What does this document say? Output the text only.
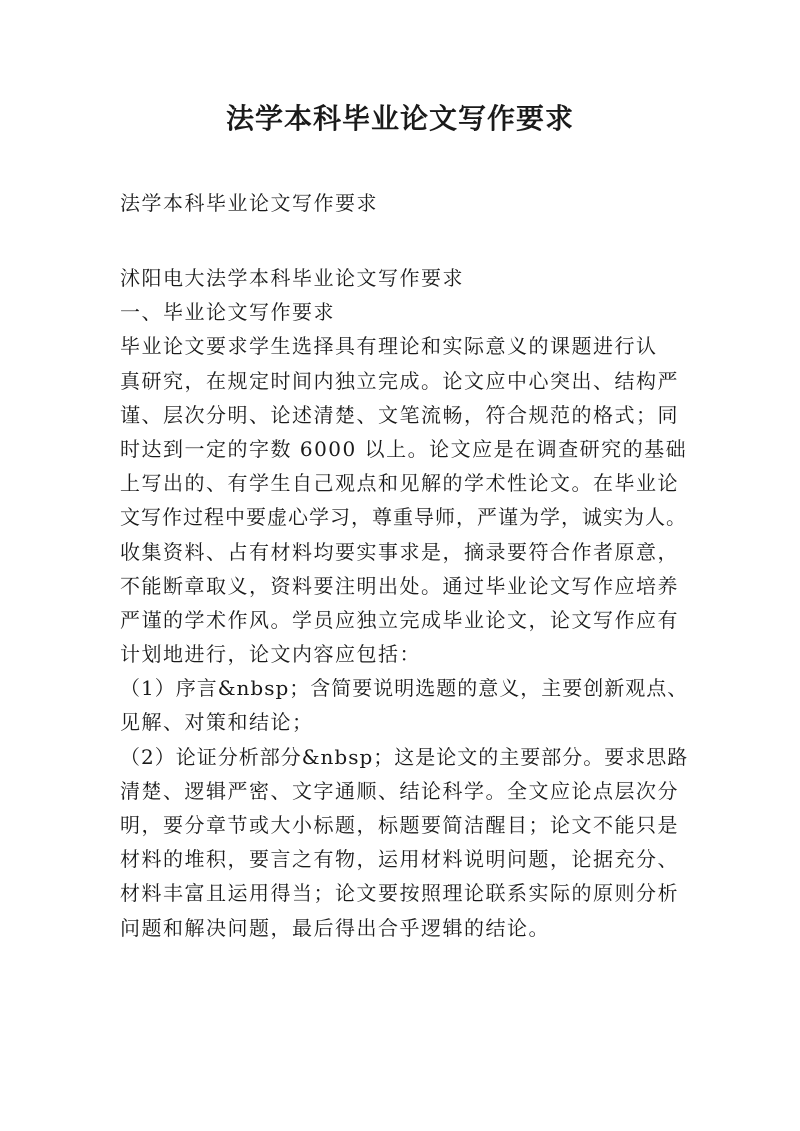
法学本科毕业论文写作要求

法学本科毕业论文写作要求

沭阳电大法学本科毕业论文写作要求
一、毕业论文写作要求
毕业论文要求学生选择具有理论和实际意义的课题进行认
真研究，在规定时间内独立完成。论文应中心突出、结构严
谨、层次分明、论述清楚、文笔流畅，符合规范的格式；同
时达到一定的字数 6000 以上。论文应是在调查研究的基础
上写出的、有学生自己观点和见解的学术性论文。在毕业论
文写作过程中要虚心学习，尊重导师，严谨为学，诚实为人。
收集资料、占有材料均要实事求是，摘录要符合作者原意，
不能断章取义，资料要注明出处。通过毕业论文写作应培养
严谨的学术作风。学员应独立完成毕业论文，论文写作应有
计划地进行，论文内容应包括：
（1）序言&nbsp；含简要说明选题的意义，主要创新观点、
见解、对策和结论；
（2）论证分析部分&nbsp；这是论文的主要部分。要求思路
清楚、逻辑严密、文字通顺、结论科学。全文应论点层次分
明，要分章节或大小标题，标题要简洁醒目；论文不能只是
材料的堆积，要言之有物，运用材料说明问题，论据充分、
材料丰富且运用得当；论文要按照理论联系实际的原则分析
问题和解决问题，最后得出合乎逻辑的结论。
